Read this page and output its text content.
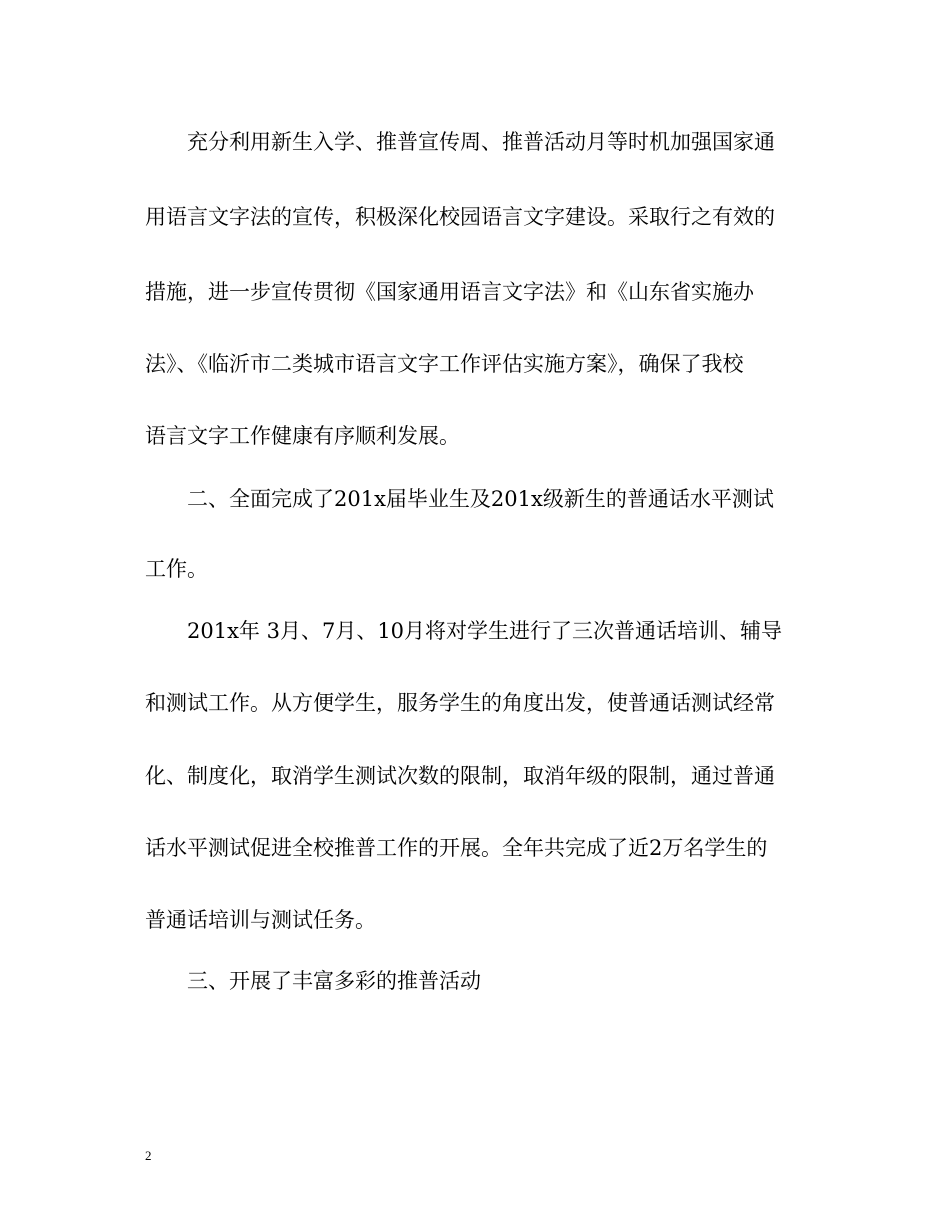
充分利用新生入学、推普宣传周、推普活动月等时机加强国家通

用语言文字法的宣传，积极深化校园语言文字建设。采取行之有效的

措施，进一步宣传贯彻《国家通用语言文字法》和《山东省实施办

法》、《临沂市二类城市语言文字工作评估实施方案》，确保了我校

语言文字工作健康有序顺利发展。

二、全面完成了201x届毕业生及201x级新生的普通话水平测试

工作。

201x年 3月、7月、10月将对学生进行了三次普通话培训、辅导

和测试工作。从方便学生，服务学生的角度出发，使普通话测试经常

化、制度化，取消学生测试次数的限制，取消年级的限制，通过普通

话水平测试促进全校推普工作的开展。全年共完成了近2万名学生的

普通话培训与测试任务。

三、开展了丰富多彩的推普活动

2
